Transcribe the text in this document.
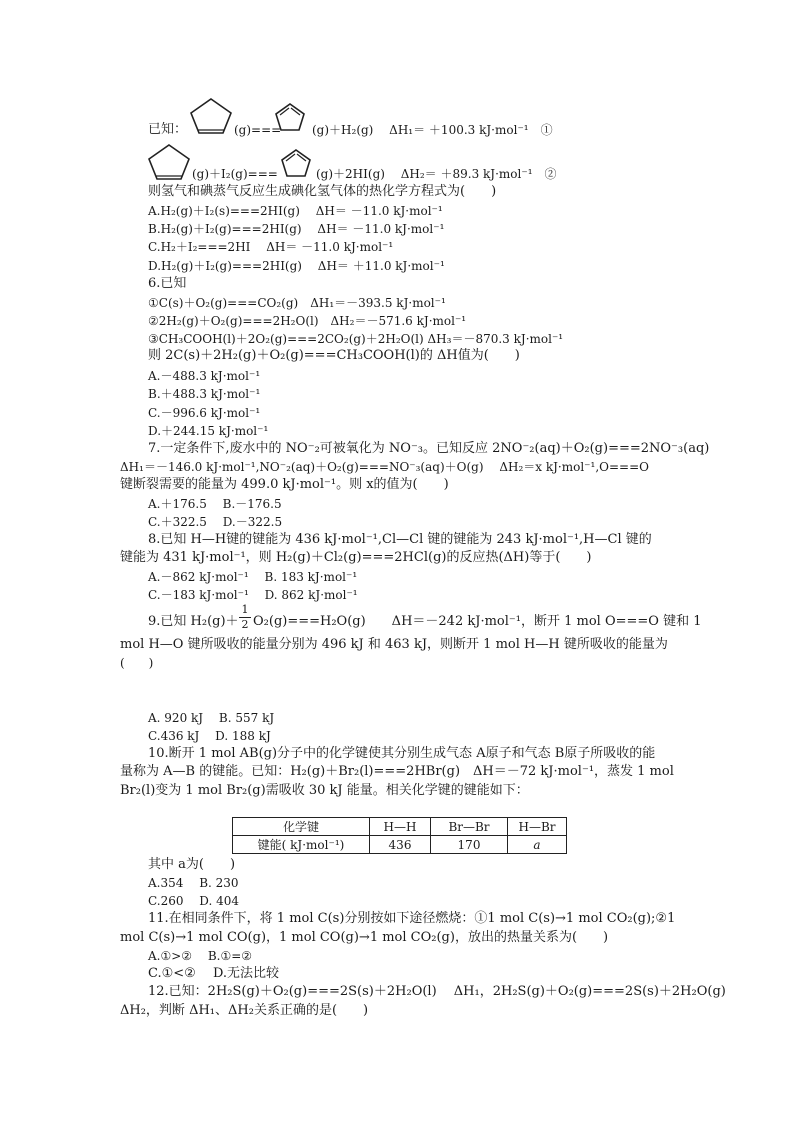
已知：	(g)===	(g)＋H₂(g)　 ΔH₁＝ ＋100.3 kJ·mol⁻¹　①
(g)＋I₂(g)===	(g)＋2HI(g)　 ΔH₂＝ ＋89.3 kJ·mol⁻¹　②
则氢气和碘蒸气反应生成碘化氢气体的热化学方程式为(　　)
A.H₂(g)＋I₂(s)===2HI(g)　 ΔH＝ －11.0 kJ·mol⁻¹
B.H₂(g)＋I₂(g)===2HI(g)　 ΔH＝ －11.0 kJ·mol⁻¹
C.H₂＋I₂===2HI　 ΔH＝ －11.0 kJ·mol⁻¹
D.H₂(g)＋I₂(g)===2HI(g)　 ΔH＝ ＋11.0 kJ·mol⁻¹
6.已知
①C(s)＋O₂(g)===CO₂(g)　ΔH₁＝－393.5 kJ·mol⁻¹
②2H₂(g)＋O₂(g)===2H₂O(l)　ΔH₂＝－571.6 kJ·mol⁻¹
③CH₃COOH(l)＋2O₂(g)===2CO₂(g)＋2H₂O(l) ΔH₃＝－870.3 kJ·mol⁻¹
则 2C(s)＋2H₂(g)＋O₂(g)===CH₃COOH(l)的 ΔH值为(　　)
A.－488.3 kJ·mol⁻¹
B.＋488.3 kJ·mol⁻¹
C.－996.6 kJ·mol⁻¹
D.＋244.15 kJ·mol⁻¹
7.一定条件下,废水中的 NO⁻₂可被氧化为 NO⁻₃。已知反应 2NO⁻₂(aq)＋O₂(g)===2NO⁻₃(aq)
ΔH₁＝－146.0 kJ·mol⁻¹,NO⁻₂(aq)＋O₂(g)===NO⁻₃(aq)＋O(g)　 ΔH₂＝x kJ·mol⁻¹,O===O
键断裂需要的能量为 499.0 kJ·mol⁻¹。则 x的值为(　　)
A.＋176.5　 B.－176.5
C.＋322.5　 D.－322.5
8.已知 H—H键的键能为 436 kJ·mol⁻¹,Cl—Cl 键的键能为 243 kJ·mol⁻¹,H—Cl 键的
键能为 431 kJ·mol⁻¹，则 H₂(g)＋Cl₂(g)===2HCl(g)的反应热(ΔH)等于(　　)
A.－862 kJ·mol⁻¹　 B. 183 kJ·mol⁻¹
C.－183 kJ·mol⁻¹　 D. 862 kJ·mol⁻¹
9.已知 H₂(g)＋
1
2 O₂(g)===H₂O(g)　　ΔH＝－242 kJ·mol⁻¹，断开 1 mol O===O 键和 1
mol H—O 键所吸收的能量分别为 496 kJ 和 463 kJ，则断开 1 mol H—H 键所吸收的能量为
(　　)
A. 920 kJ　 B. 557 kJ
C.436 kJ　 D. 188 kJ
10.断开 1 mol AB(g)分子中的化学键使其分别生成气态 A原子和气态 B原子所吸收的能
量称为 A—B 的键能。已知：H₂(g)＋Br₂(l)===2HBr(g)　ΔH＝－72 kJ·mol⁻¹，蒸发 1 mol
Br₂(l)变为 1 mol Br₂(g)需吸收 30 kJ 能量。相关化学键的键能如下：
化学键	H—H	Br—Br	H—Br
键能( kJ·mol⁻¹)	436	170	a
其中 a为(　　)
A.354　 B. 230
C.260　 D. 404
11.在相同条件下，将 1 mol C(s)分别按如下途径燃烧：①1 mol C(s)→1 mol CO₂(g);②1
mol C(s)→1 mol CO(g)，1 mol CO(g)→1 mol CO₂(g)，放出的热量关系为(　　)
A.①>②　 B.①=②
C.①<②　 D.无法比较
12.已知：2H₂S(g)＋O₂(g)===2S(s)＋2H₂O(l)　 ΔH₁，2H₂S(g)＋O₂(g)===2S(s)＋2H₂O(g)
ΔH₂，判断 ΔH₁、ΔH₂关系正确的是(　　)
